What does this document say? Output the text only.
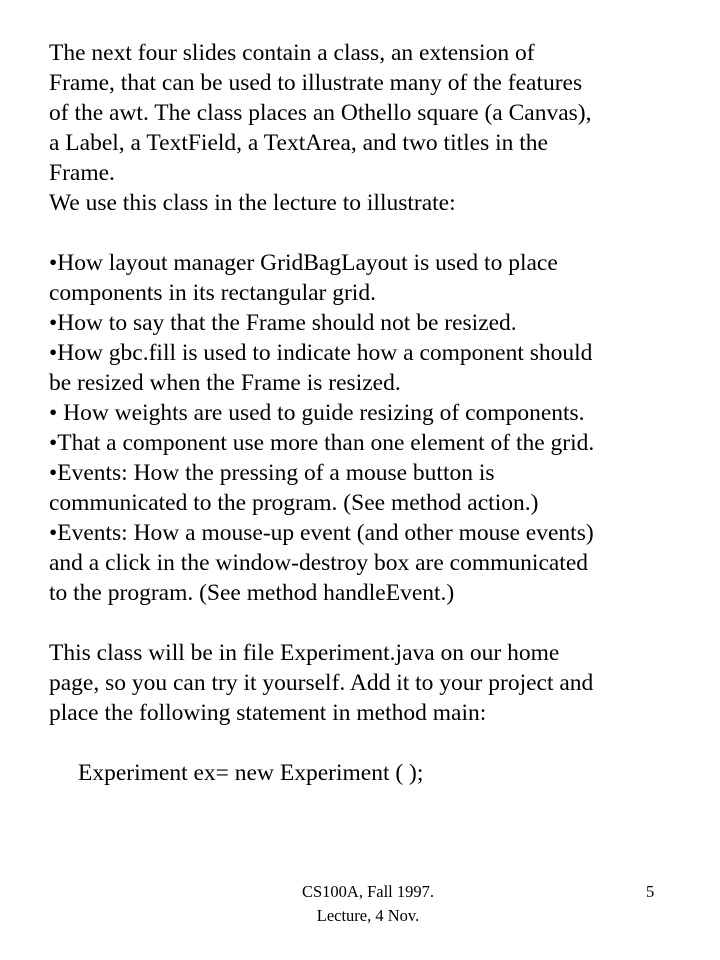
The next four slides contain a class, an extension of
Frame, that can be used to illustrate many of the features
of the awt. The class places an Othello square (a Canvas),
a Label, a TextField, a TextArea, and two titles in the
Frame.
We use this class in the lecture to illustrate:
•How layout manager GridBagLayout is used to place
components in its rectangular grid.
•How to say that the Frame should not be resized.
•How gbc.fill is used to indicate how a component should
be resized when the Frame is resized.
• How weights are used to guide resizing of components.
•That a component use more than one element of the grid.
•Events: How the pressing of a mouse button is
communicated to the program. (See method action.)
•Events: How a mouse-up event (and other mouse events)
and a click in the window-destroy box are communicated
to the program. (See method handleEvent.)
This class will be in file Experiment.java on our home
page, so you can try it yourself. Add it to your project and
place the following statement in method main:
Experiment ex= new Experiment ( );
CS100A, Fall 1997.
Lecture, 4 Nov.
5
